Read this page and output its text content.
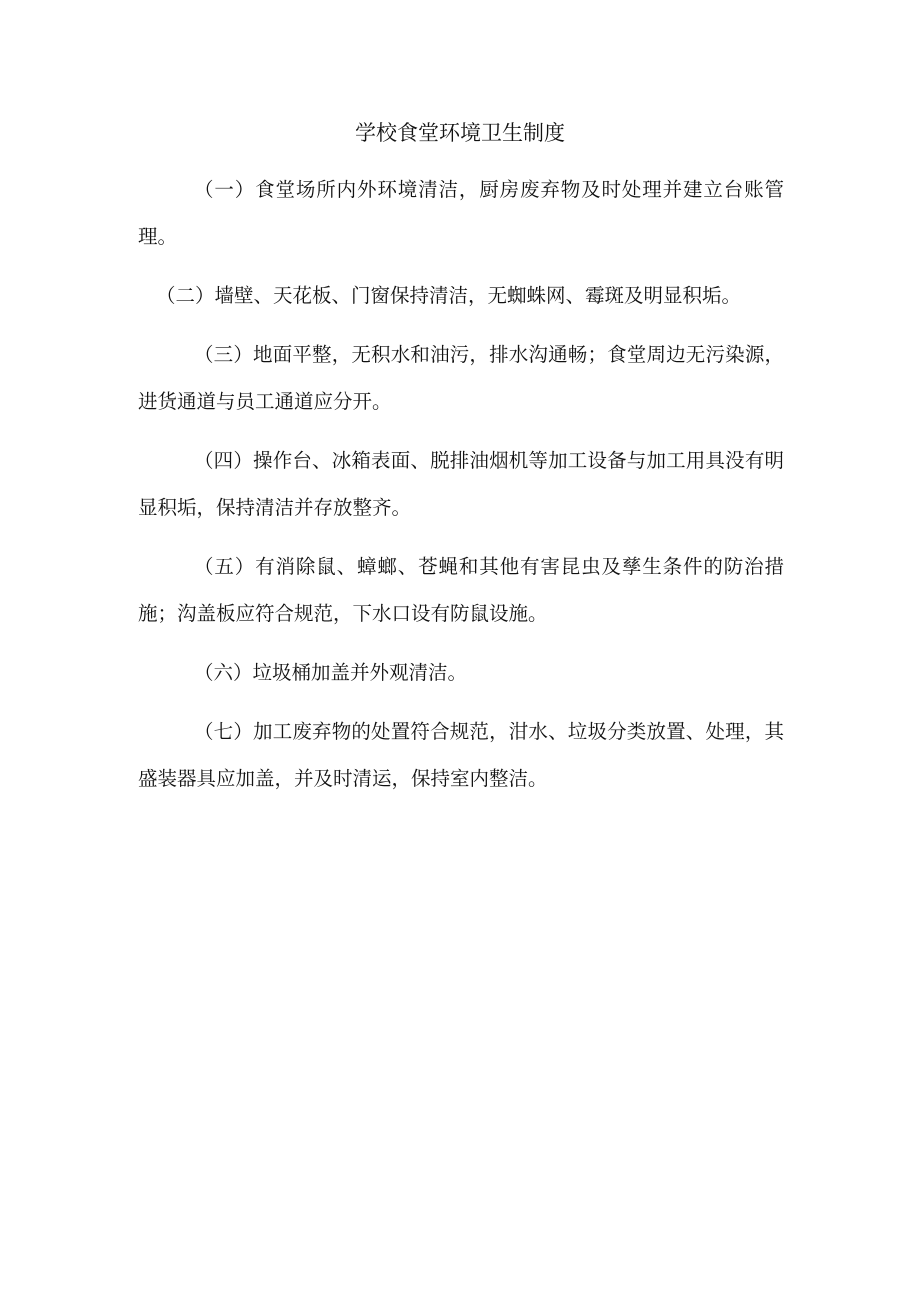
学校食堂环境卫生制度

（一）食堂场所内外环境清洁，厨房废弃物及时处理并建立台账管理。

（二）墙壁、天花板、门窗保持清洁，无蜘蛛网、霉斑及明显积垢。

（三）地面平整，无积水和油污，排水沟通畅；食堂周边无污染源，进货通道与员工通道应分开。

（四）操作台、冰箱表面、脱排油烟机等加工设备与加工用具没有明显积垢，保持清洁并存放整齐。

（五）有消除鼠、蟑螂、苍蝇和其他有害昆虫及孳生条件的防治措施；沟盖板应符合规范，下水口设有防鼠设施。

（六）垃圾桶加盖并外观清洁。

（七）加工废弃物的处置符合规范，泔水、垃圾分类放置、处理，其盛装器具应加盖，并及时清运，保持室内整洁。
